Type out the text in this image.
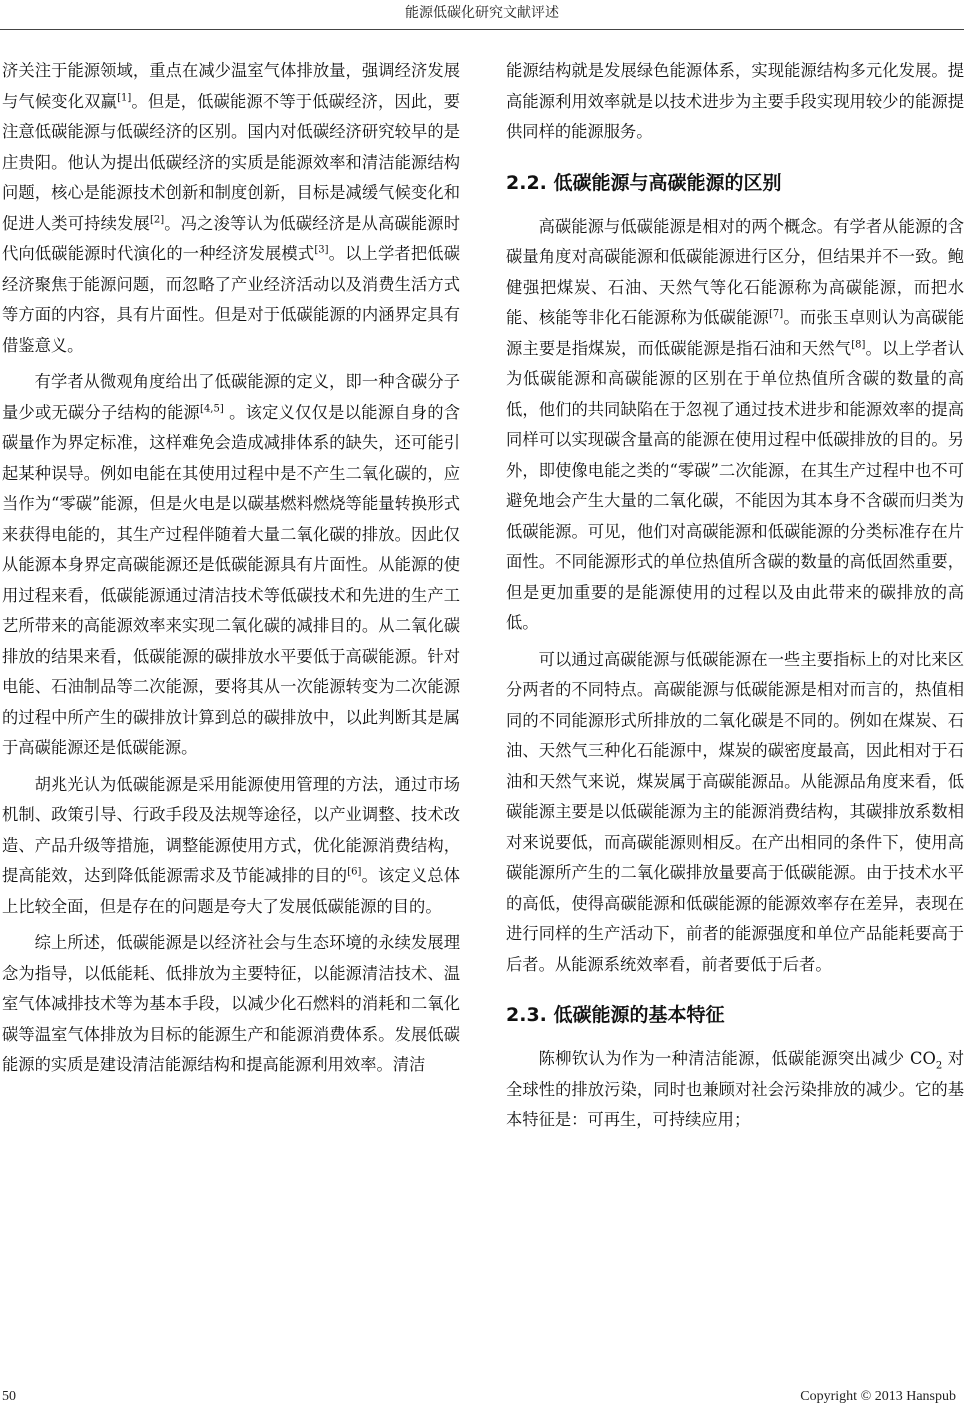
能源低碳化研究文献评述

济关注于能源领域，重点在减少温室气体排放量，强调经济发展与气候变化双赢[1]。但是，低碳能源不等于低碳经济，因此，要注意低碳能源与低碳经济的区别。国内对低碳经济研究较早的是庄贵阳。他认为提出低碳经济的实质是能源效率和清洁能源结构问题，核心是能源技术创新和制度创新，目标是减缓气候变化和促进人类可持续发展[2]。冯之浚等认为低碳经济是从高碳能源时代向低碳能源时代演化的一种经济发展模式[3]。以上学者把低碳经济聚焦于能源问题，而忽略了产业经济活动以及消费生活方式等方面的内容，具有片面性。但是对于低碳能源的内涵界定具有借鉴意义。

有学者从微观角度给出了低碳能源的定义，即一种含碳分子量少或无碳分子结构的能源[4,5] 。该定义仅仅是以能源自身的含碳量作为界定标准，这样难免会造成减排体系的缺失，还可能引起某种误导。例如电能在其使用过程中是不产生二氧化碳的，应当作为“零碳”能源，但是火电是以碳基燃料燃烧等能量转换形式来获得电能的，其生产过程伴随着大量二氧化碳的排放。因此仅从能源本身界定高碳能源还是低碳能源具有片面性。从能源的使用过程来看，低碳能源通过清洁技术等低碳技术和先进的生产工艺所带来的高能源效率来实现二氧化碳的减排目的。从二氧化碳排放的结果来看，低碳能源的碳排放水平要低于高碳能源。针对电能、石油制品等二次能源，要将其从一次能源转变为二次能源的过程中所产生的碳排放计算到总的碳排放中，以此判断其是属于高碳能源还是低碳能源。

胡兆光认为低碳能源是采用能源使用管理的方法，通过市场机制、政策引导、行政手段及法规等途径，以产业调整、技术改造、产品升级等措施，调整能源使用方式，优化能源消费结构，提高能效，达到降低能源需求及节能减排的目的[6]。该定义总体上比较全面，但是存在的问题是夸大了发展低碳能源的目的。

综上所述，低碳能源是以经济社会与生态环境的永续发展理念为指导，以低能耗、低排放为主要特征，以能源清洁技术、温室气体减排技术等为基本手段，以减少化石燃料的消耗和二氧化碳等温室气体排放为目标的能源生产和能源消费体系。发展低碳能源的实质是建设清洁能源结构和提高能源利用效率。清洁

能源结构就是发展绿色能源体系，实现能源结构多元化发展。提高能源利用效率就是以技术进步为主要手段实现用较少的能源提供同样的能源服务。

2.2. 低碳能源与高碳能源的区别

高碳能源与低碳能源是相对的两个概念。有学者从能源的含碳量角度对高碳能源和低碳能源进行区分，但结果并不一致。鲍健强把煤炭、石油、天然气等化石能源称为高碳能源，而把水能、核能等非化石能源称为低碳能源[7]。而张玉卓则认为高碳能源主要是指煤炭，而低碳能源是指石油和天然气[8]。以上学者认为低碳能源和高碳能源的区别在于单位热值所含碳的数量的高低，他们的共同缺陷在于忽视了通过技术进步和能源效率的提高同样可以实现碳含量高的能源在使用过程中低碳排放的目的。另外，即使像电能之类的“零碳”二次能源，在其生产过程中也不可避免地会产生大量的二氧化碳，不能因为其本身不含碳而归类为低碳能源。可见，他们对高碳能源和低碳能源的分类标准存在片面性。不同能源形式的单位热值所含碳的数量的高低固然重要，但是更加重要的是能源使用的过程以及由此带来的碳排放的高低。

可以通过高碳能源与低碳能源在一些主要指标上的对比来区分两者的不同特点。高碳能源与低碳能源是相对而言的，热值相同的不同能源形式所排放的二氧化碳是不同的。例如在煤炭、石油、天然气三种化石能源中，煤炭的碳密度最高，因此相对于石油和天然气来说，煤炭属于高碳能源品。从能源品角度来看，低碳能源主要是以低碳能源为主的能源消费结构，其碳排放系数相对来说要低，而高碳能源则相反。在产出相同的条件下，使用高碳能源所产生的二氧化碳排放量要高于低碳能源。由于技术水平的高低，使得高碳能源和低碳能源的能源效率存在差异，表现在进行同样的生产活动下，前者的能源强度和单位产品能耗要高于后者。从能源系统效率看，前者要低于后者。

2.3. 低碳能源的基本特征

陈柳钦认为作为一种清洁能源，低碳能源突出减少 $CO_2$ 对全球性的排放污染，同时也兼顾对社会污染排放的减少。它的基本特征是：可再生，可持续应用；

50	Copyright © 2013 Hanspub
